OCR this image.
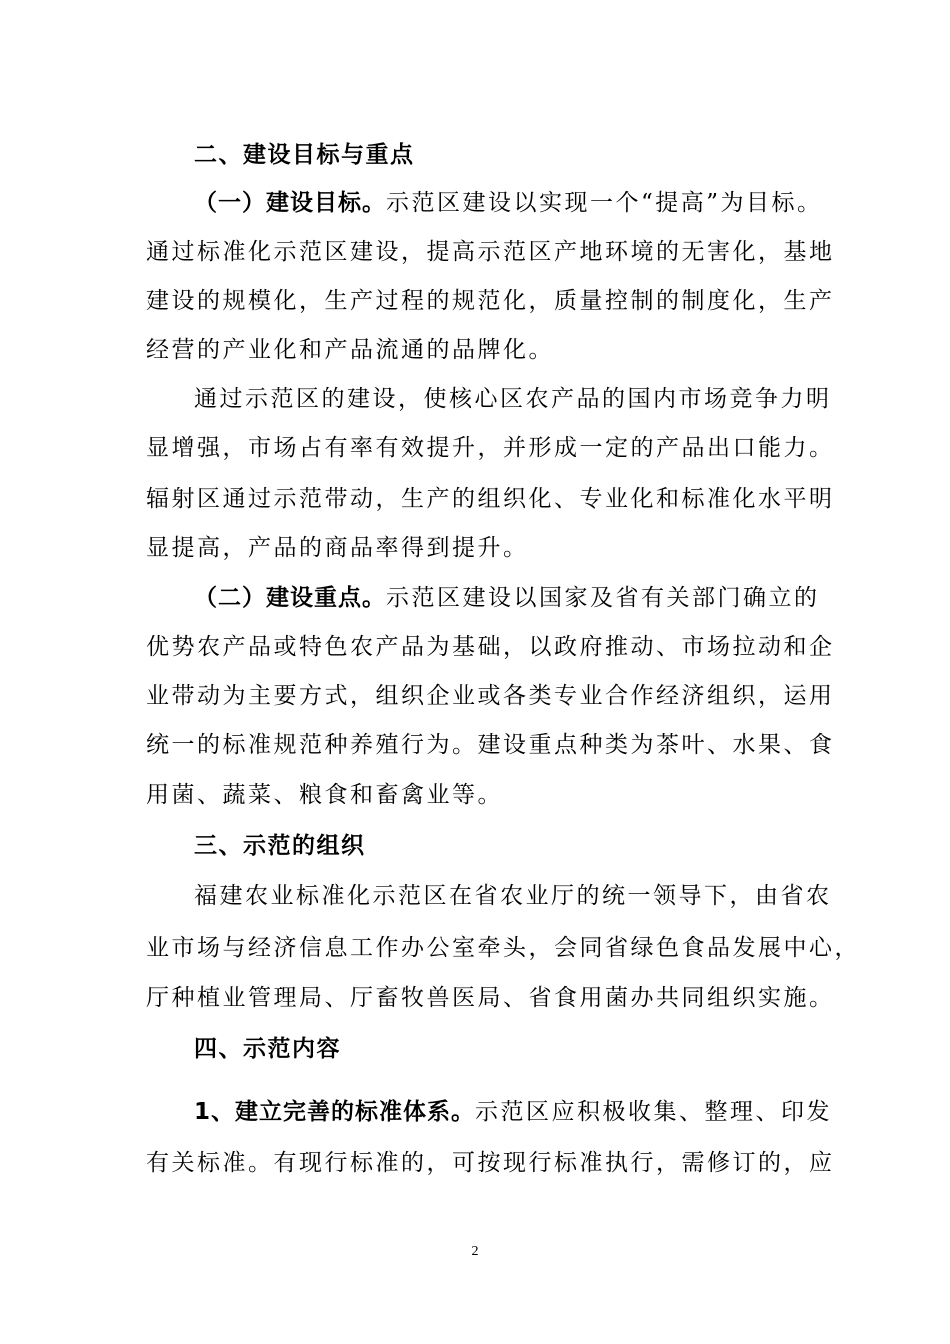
二、建设目标与重点
（一）建设目标。示范区建设以实现一个“提高”为目标。
通过标准化示范区建设，提高示范区产地环境的无害化，基地
建设的规模化，生产过程的规范化，质量控制的制度化，生产
经营的产业化和产品流通的品牌化。
通过示范区的建设，使核心区农产品的国内市场竞争力明
显增强，市场占有率有效提升，并形成一定的产品出口能力。
辐射区通过示范带动，生产的组织化、专业化和标准化水平明
显提高，产品的商品率得到提升。
（二）建设重点。示范区建设以国家及省有关部门确立的
优势农产品或特色农产品为基础，以政府推动、市场拉动和企
业带动为主要方式，组织企业或各类专业合作经济组织，运用
统一的标准规范种养殖行为。建设重点种类为茶叶、水果、食
用菌、蔬菜、粮食和畜禽业等。
三、示范的组织
福建农业标准化示范区在省农业厅的统一领导下，由省农
业市场与经济信息工作办公室牵头，会同省绿色食品发展中心，
厅种植业管理局、厅畜牧兽医局、省食用菌办共同组织实施。
四、示范内容
1、建立完善的标准体系。示范区应积极收集、整理、印发
有关标准。有现行标准的，可按现行标准执行，需修订的，应
2
